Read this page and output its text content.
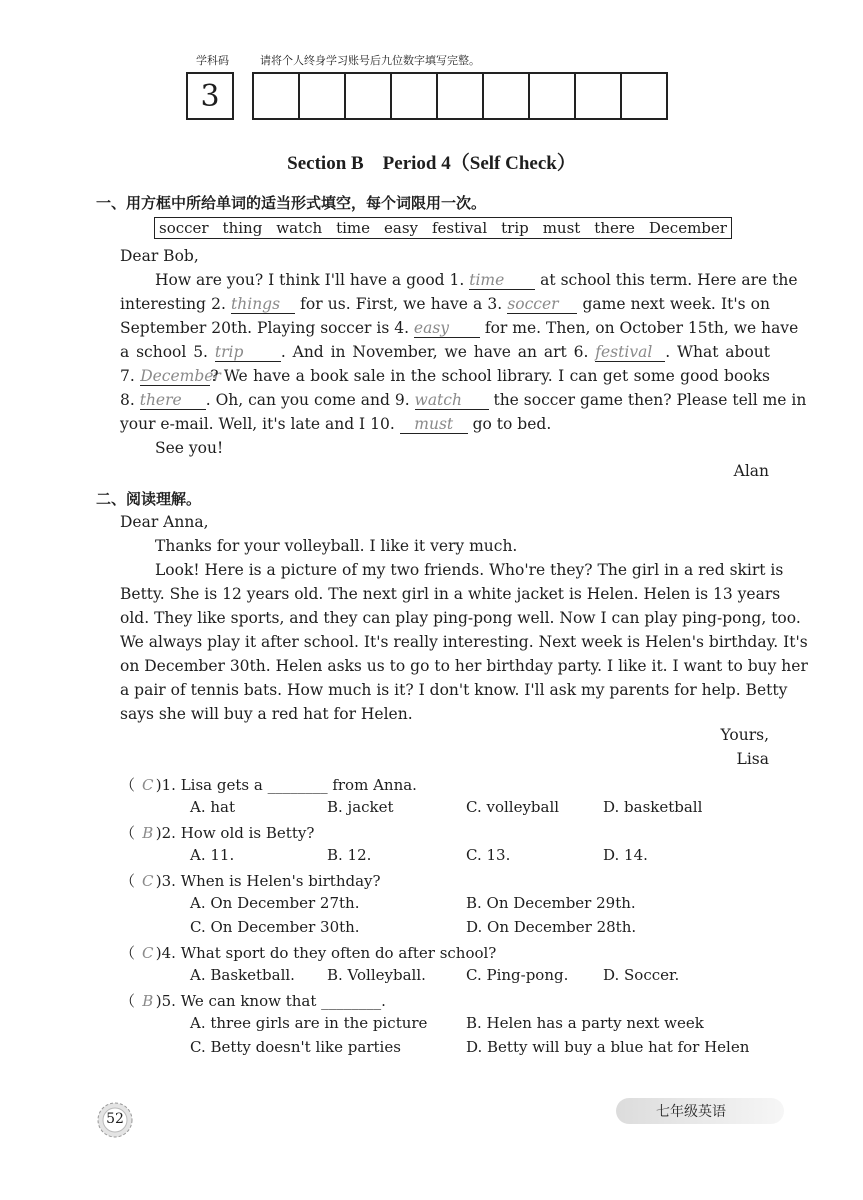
学科码	请将个人终身学习账号后九位数字填写完整。
3
Section B　Period 4（Self Check）
一、用方框中所给单词的适当形式填空，每个词限用一次。
soccer thing watch time easy festival trip must there December
Dear Bob,
How are you? I think I'll have a good 1. time at school this term. Here are the
interesting 2. things for us. First, we have a 3. soccer game next week. It's on
September 20th. Playing soccer is 4. easy for me. Then, on October 15th, we have
a school 5. trip . And in November, we have an art 6. festival . What about
7. December? We have a book sale in the school library. I can get some good books
8. there . Oh, can you come and 9. watch the soccer game then? Please tell me in
your e-mail. Well, it's late and I 10. must go to bed.
See you!
Alan
二、阅读理解。
Dear Anna,
Thanks for your volleyball. I like it very much.
Look! Here is a picture of my two friends. Who're they? The girl in a red skirt is
Betty. She is 12 years old. The next girl in a white jacket is Helen. Helen is 13 years
old. They like sports, and they can play ping-pong well. Now I can play ping-pong, too.
We always play it after school. It's really interesting. Next week is Helen's birthday. It's
on December 30th. Helen asks us to go to her birthday party. I like it. I want to buy her
a pair of tennis bats. How much is it? I don't know. I'll ask my parents for help. Betty
says she will buy a red hat for Helen.
Yours,
Lisa
（ C )1. Lisa gets a ________ from Anna.
A. hat	B. jacket	C. volleyball	D. basketball
（ B )2. How old is Betty?
A. 11.	B. 12.	C. 13.	D. 14.
（ C )3. When is Helen's birthday?
A. On December 27th.	B. On December 29th.
C. On December 30th.	D. On December 28th.
（ C )4. What sport do they often do after school?
A. Basketball. B. Volleyball.	C. Ping-pong. D. Soccer.
（ B )5. We can know that ________.
A. three girls are in the picture	B. Helen has a party next week
C. Betty doesn't like parties	D. Betty will buy a blue hat for Helen
52	七年级英语
